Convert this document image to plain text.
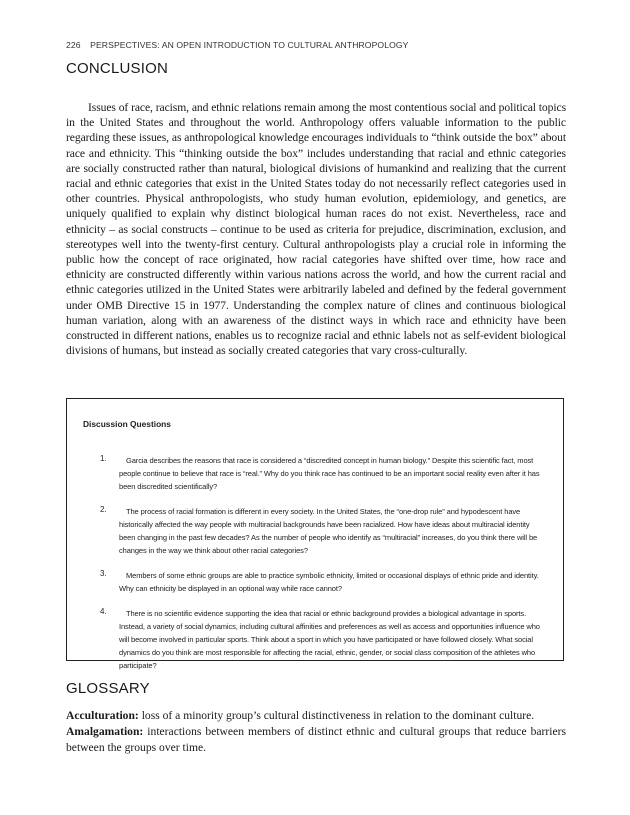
226 PERSPECTIVES: AN OPEN INTRODUCTION TO CULTURAL ANTHROPOLOGY
CONCLUSION

Issues of race, racism, and ethnic relations remain among the most contentious social and political topics in the United States and throughout the world. Anthropology offers valuable information to the public regarding these issues, as anthropological knowledge encourages individuals to “think outside the box” about race and ethnicity. This “thinking outside the box” includes understanding that racial and ethnic categories are socially constructed rather than natural, biological divisions of humankind and realizing that the current racial and ethnic categories that exist in the United States today do not necessarily reflect categories used in other countries. Physical anthropologists, who study human evolution, epidemiology, and genetics, are uniquely qualified to explain why distinct biological human races do not exist. Nevertheless, race and ethnicity – as social constructs – continue to be used as criteria for prejudice, discrimination, exclusion, and stereotypes well into the twenty-first century. Cultural anthropologists play a crucial role in informing the public how the concept of race originated, how racial categories have shifted over time, how race and ethnicity are constructed differently within various nations across the world, and how the current racial and ethnic categories utilized in the United States were arbitrarily labeled and defined by the federal government under OMB Directive 15 in 1977. Understanding the complex nature of clines and continuous biological human variation, along with an awareness of the distinct ways in which race and ethnicity have been constructed in different nations, enables us to recognize racial and ethnic labels not as self-evident biological divisions of humans, but instead as socially created categories that vary cross-culturally.

Discussion Questions
1.	Garcia describes the reasons that race is considered a “discredited concept in human biology.” Despite this scientific fact, most people continue to believe that race is “real.” Why do you think race has continued to be an important social reality even after it has been discredited scientifically?
2.	The process of racial formation is different in every society. In the United States, the “one-drop rule” and hypodescent have historically affected the way people with multiracial backgrounds have been racialized. How have ideas about multiracial identity been changing in the past few decades? As the number of people who identify as “multiracial” increases, do you think there will be changes in the way we think about other racial categories?
3.	Members of some ethnic groups are able to practice symbolic ethnicity, limited or occasional displays of ethnic pride and identity. Why can ethnicity be displayed in an optional way while race cannot?
4.	There is no scientific evidence supporting the idea that racial or ethnic background provides a biological advantage in sports. Instead, a variety of social dynamics, including cultural affinities and preferences as well as access and opportunities influence who will become involved in particular sports. Think about a sport in which you have participated or have followed closely. What social dynamics do you think are most responsible for affecting the racial, ethnic, gender, or social class composition of the athletes who participate?
GLOSSARY

Acculturation: loss of a minority group’s cultural distinctiveness in relation to the dominant culture.

Amalgamation: interactions between members of distinct ethnic and cultural groups that reduce barriers between the groups over time.
